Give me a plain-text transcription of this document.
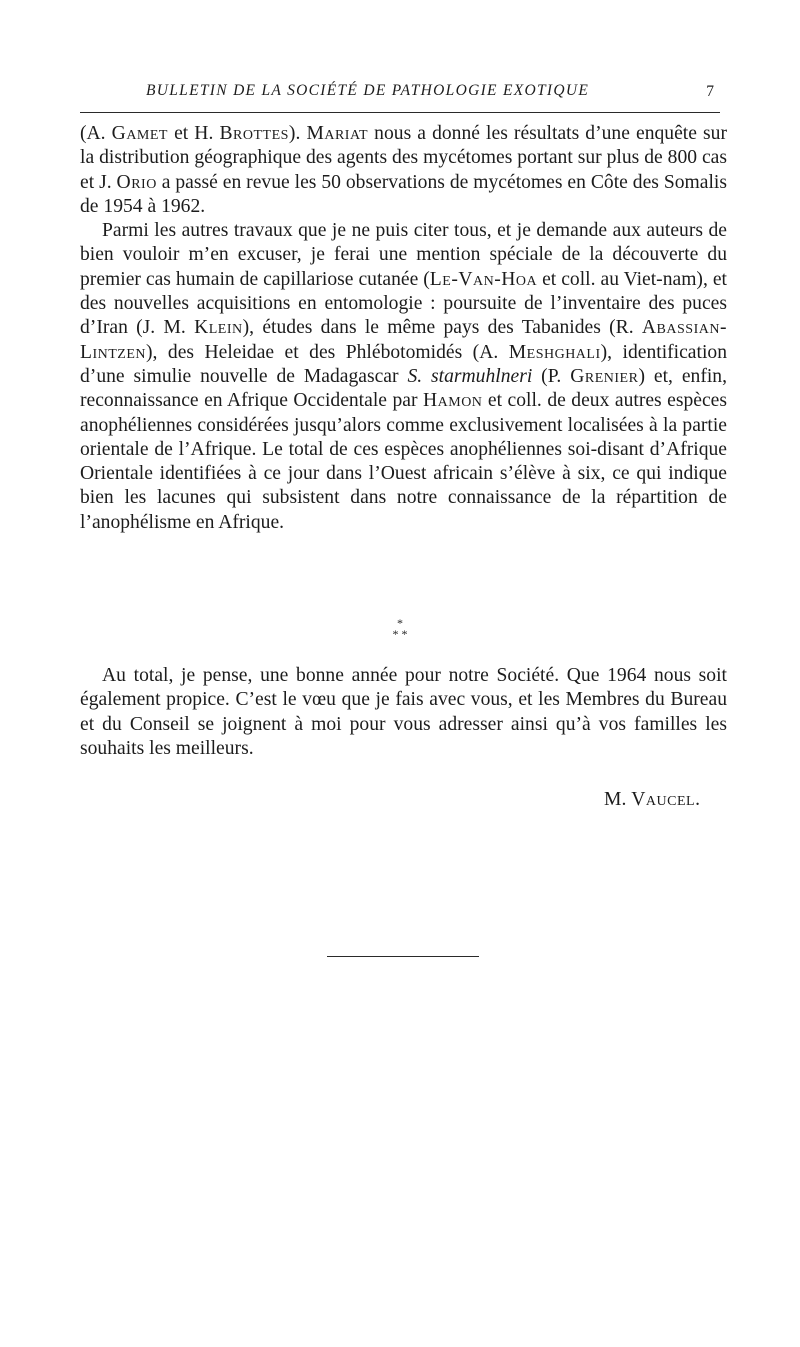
BULLETIN DE LA SOCIÉTÉ DE PATHOLOGIE EXOTIQUE	7

(A. Gamet et H. Brottes). Mariat nous a donné les résultats d’une enquête sur la distribution géographique des agents des mycétomes portant sur plus de 800 cas et J. Orio a passé en revue les 50 observations de mycétomes en Côte des Somalis de 1954 à 1962.

Parmi les autres travaux que je ne puis citer tous, et je demande aux auteurs de bien vouloir m’en excuser, je ferai une mention spéciale de la découverte du premier cas humain de capillariose cutanée (Le-Van-Hoa et coll. au Viet-nam), et des nouvelles acquisitions en entomologie : poursuite de l’inventaire des puces d’Iran (J. M. Klein), études dans le même pays des Tabanides (R. Abassian-Lintzen), des Heleidae et des Phlébotomidés (A. Meshghali), identification d’une simulie nouvelle de Madagascar S. starmuhlneri (P. Grenier) et, enfin, reconnaissance en Afrique Occidentale par Hamon et coll. de deux autres espèces anophéliennes considérées jusqu’alors comme exclusivement localisées à la partie orientale de l’Afrique. Le total de ces espèces anophéliennes soi-disant d’Afrique Orientale identifiées à ce jour dans l’Ouest africain s’élève à six, ce qui indique bien les lacunes qui subsistent dans notre connaissance de la répartition de l’anophélisme en Afrique.

*
* *

Au total, je pense, une bonne année pour notre Société. Que 1964 nous soit également propice. C’est le vœu que je fais avec vous, et les Membres du Bureau et du Conseil se joignent à moi pour vous adresser ainsi qu’à vos familles les souhaits les meilleurs.

M. Vaucel.
